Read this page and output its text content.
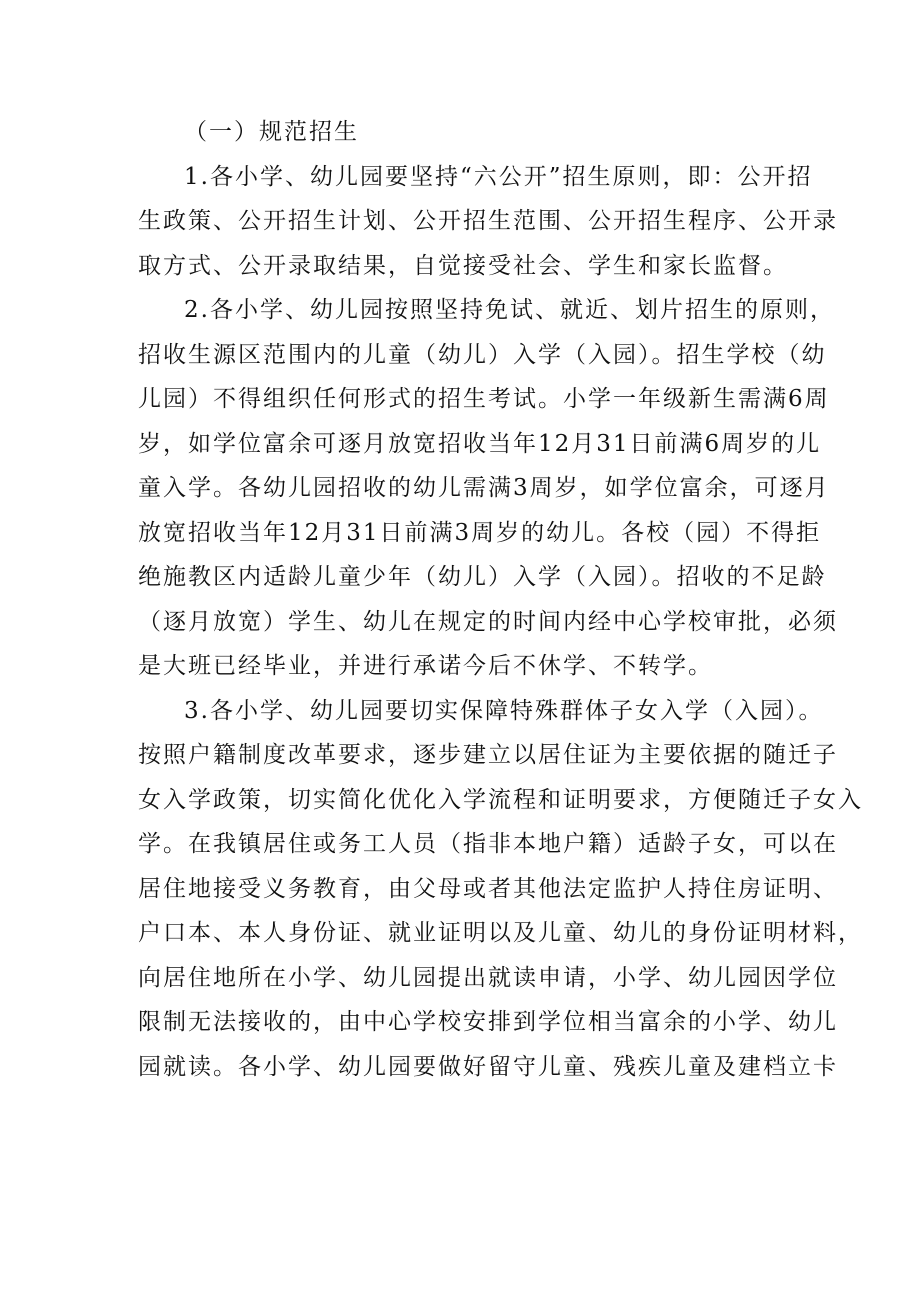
（一）规范招生
1.各小学、幼儿园要坚持“六公开”招生原则，即：公开招
生政策、公开招生计划、公开招生范围、公开招生程序、公开录
取方式、公开录取结果，自觉接受社会、学生和家长监督。
2.各小学、幼儿园按照坚持免试、就近、划片招生的原则，
招收生源区范围内的儿童（幼儿）入学（入园）。招生学校（幼
儿园）不得组织任何形式的招生考试。小学一年级新生需满6周
岁，如学位富余可逐月放宽招收当年12月31日前满6周岁的儿
童入学。各幼儿园招收的幼儿需满3周岁，如学位富余，可逐月
放宽招收当年12月31日前满3周岁的幼儿。各校（园）不得拒
绝施教区内适龄儿童少年（幼儿）入学（入园）。招收的不足龄
（逐月放宽）学生、幼儿在规定的时间内经中心学校审批，必须
是大班已经毕业，并进行承诺今后不休学、不转学。
3.各小学、幼儿园要切实保障特殊群体子女入学（入园）。
按照户籍制度改革要求，逐步建立以居住证为主要依据的随迁子
女入学政策，切实简化优化入学流程和证明要求，方便随迁子女入
学。在我镇居住或务工人员（指非本地户籍）适龄子女，可以在
居住地接受义务教育，由父母或者其他法定监护人持住房证明、
户口本、本人身份证、就业证明以及儿童、幼儿的身份证明材料，
向居住地所在小学、幼儿园提出就读申请，小学、幼儿园因学位
限制无法接收的，由中心学校安排到学位相当富余的小学、幼儿
园就读。各小学、幼儿园要做好留守儿童、残疾儿童及建档立卡
